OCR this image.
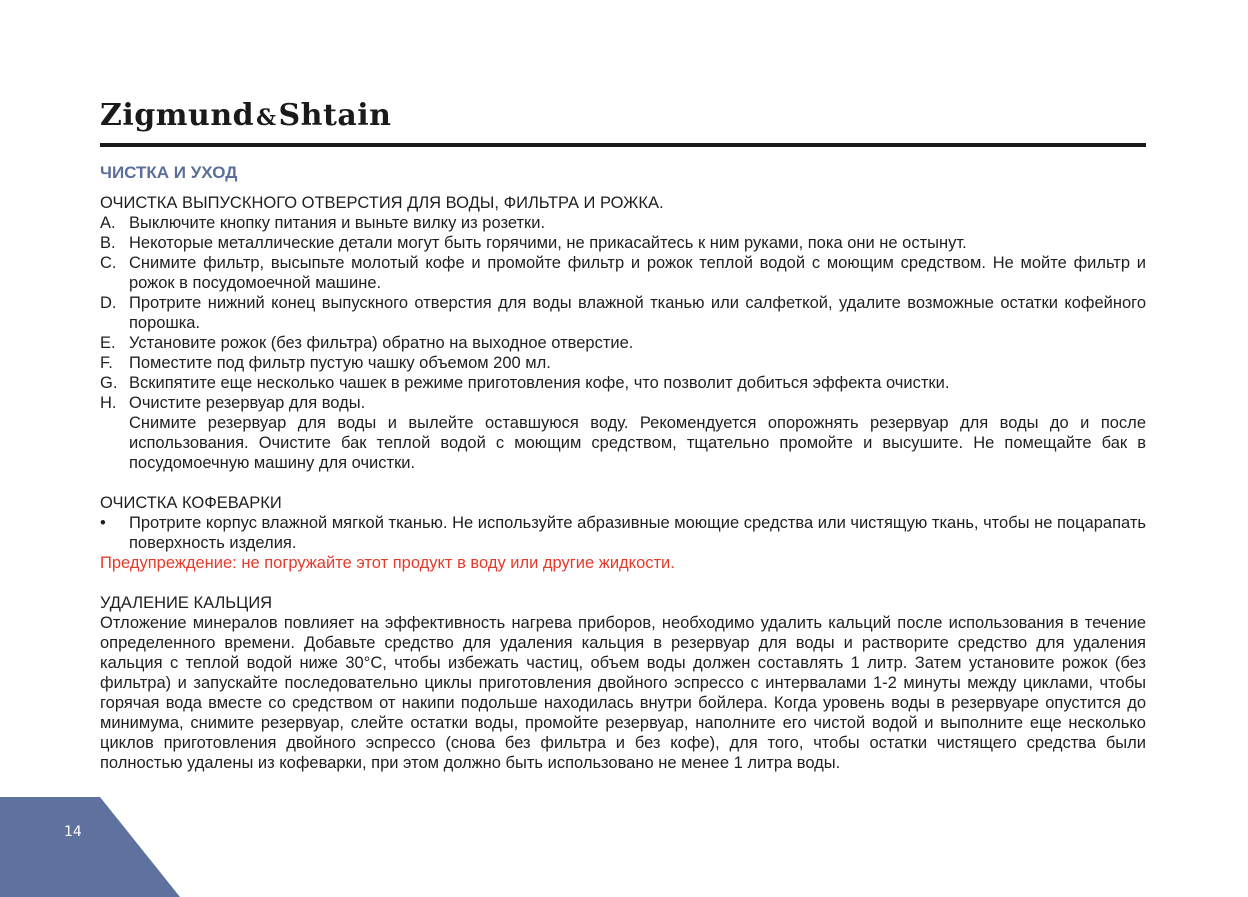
Zigmund&Shtain

ЧИСТКА И УХОД

ОЧИСТКА ВЫПУСКНОГО ОТВЕРСТИЯ ДЛЯ ВОДЫ, ФИЛЬТРА И РОЖКА.

A. Выключите кнопку питания и выньте вилку из розетки.
B. Некоторые металлические детали могут быть горячими, не прикасайтесь к ним руками, пока они не остынут.
C. Снимите фильтр, высыпьте молотый кофе и промойте фильтр и рожок теплой водой с моющим средством. Не мойте фильтр и рожок в посудомоечной машине.
D. Протрите нижний конец выпускного отверстия для воды влажной тканью или салфеткой, удалите возможные остатки кофейного порошка.
E. Установите рожок (без фильтра) обратно на выходное отверстие.
F. Поместите под фильтр пустую чашку объемом 200 мл.
G. Вскипятите еще несколько чашек в режиме приготовления кофе, что позволит добиться эффекта очистки.
H. Очистите резервуар для воды.

Снимите резервуар для воды и вылейте оставшуюся воду. Рекомендуется опорожнять резервуар для воды до и после использования. Очистите бак теплой водой с моющим средством, тщательно промойте и высушите. Не помещайте бак в посудомоечную машину для очистки.

ОЧИСТКА КОФЕВАРКИ

•	Протрите корпус влажной мягкой тканью. Не используйте абразивные моющие средства или чистящую ткань, чтобы не поцарапать поверхность изделия.

Предупреждение: не погружайте этот продукт в воду или другие жидкости.

УДАЛЕНИЕ КАЛЬЦИЯ

Отложение минералов повлияет на эффективность нагрева приборов, необходимо удалить кальций после использования в течение определенного времени. Добавьте средство для удаления кальция в резервуар для воды и растворите средство для удаления кальция с теплой водой ниже 30°С, чтобы избежать частиц, объем воды должен составлять 1 литр. Затем установите рожок (без фильтра) и запускайте последовательно циклы приготовления двойного эспрессо с интервалами 1-2 минуты между циклами, чтобы горячая вода вместе со средством от накипи подольше находилась внутри бойлера. Когда уровень воды в резервуаре опустится до минимума, снимите резервуар, слейте остатки воды, промойте резервуар, наполните его чистой водой и выполните еще несколько циклов приготовления двойного эспрессо (снова без фильтра и без кофе), для того, чтобы остатки чистящего средства были полностью удалены из кофеварки, при этом должно быть использовано не менее 1 литра воды.

14
